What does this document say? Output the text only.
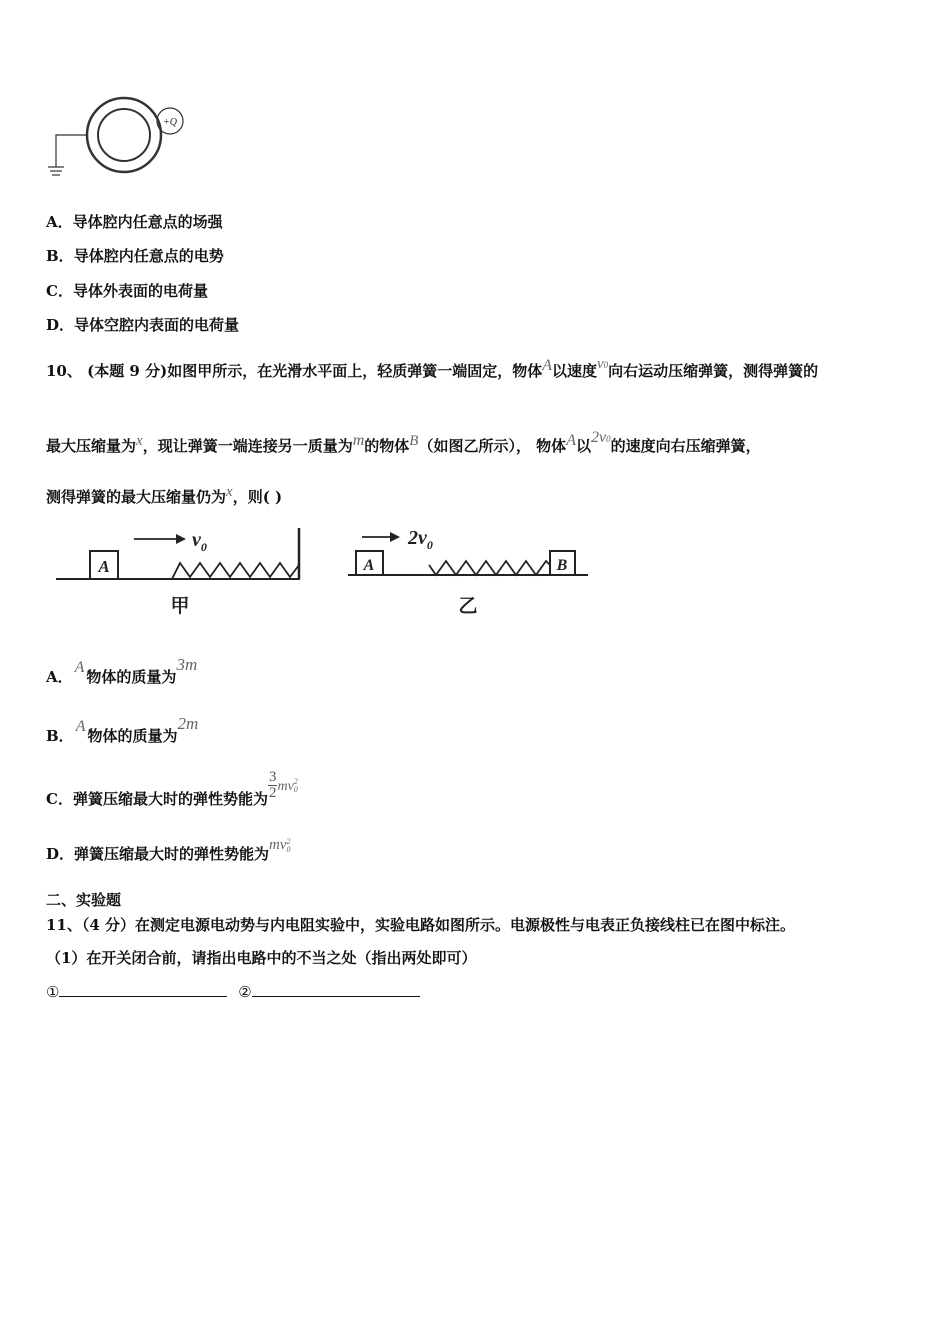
+Q
A．导体腔内任意点的场强
B．导体腔内任意点的电势
C．导体外表面的电荷量
D．导体空腔内表面的电荷量
10、 (本题 9 分)如图甲所示，在光滑水平面上，轻质弹簧一端固定，物体A以速度v0向右运动压缩弹簧，测得弹簧的
最大压缩量为x，现让弹簧一端连接另一质量为m的物体B（如图乙所示）， 物体A以2v0的速度向右压缩弹簧，
测得弹簧的最大压缩量仍为x，则( )
A
$v_0$
甲
A	B
$2v_0$
乙
A．A物体的质量为3m
B．A物体的质量为2m
C．弹簧压缩最大时的弹性势能为 $\frac{3}{2}$ mv 2
0
D．弹簧压缩最大时的弹性势能为mv 2
0
二、实验题
11、（4 分）在测定电源电动势与内电阻实验中，实验电路如图所示。电源极性与电表正负接线柱已在图中标注。
（1）在开关闭合前，请指出电路中的不当之处（指出两处即可）
①	②
